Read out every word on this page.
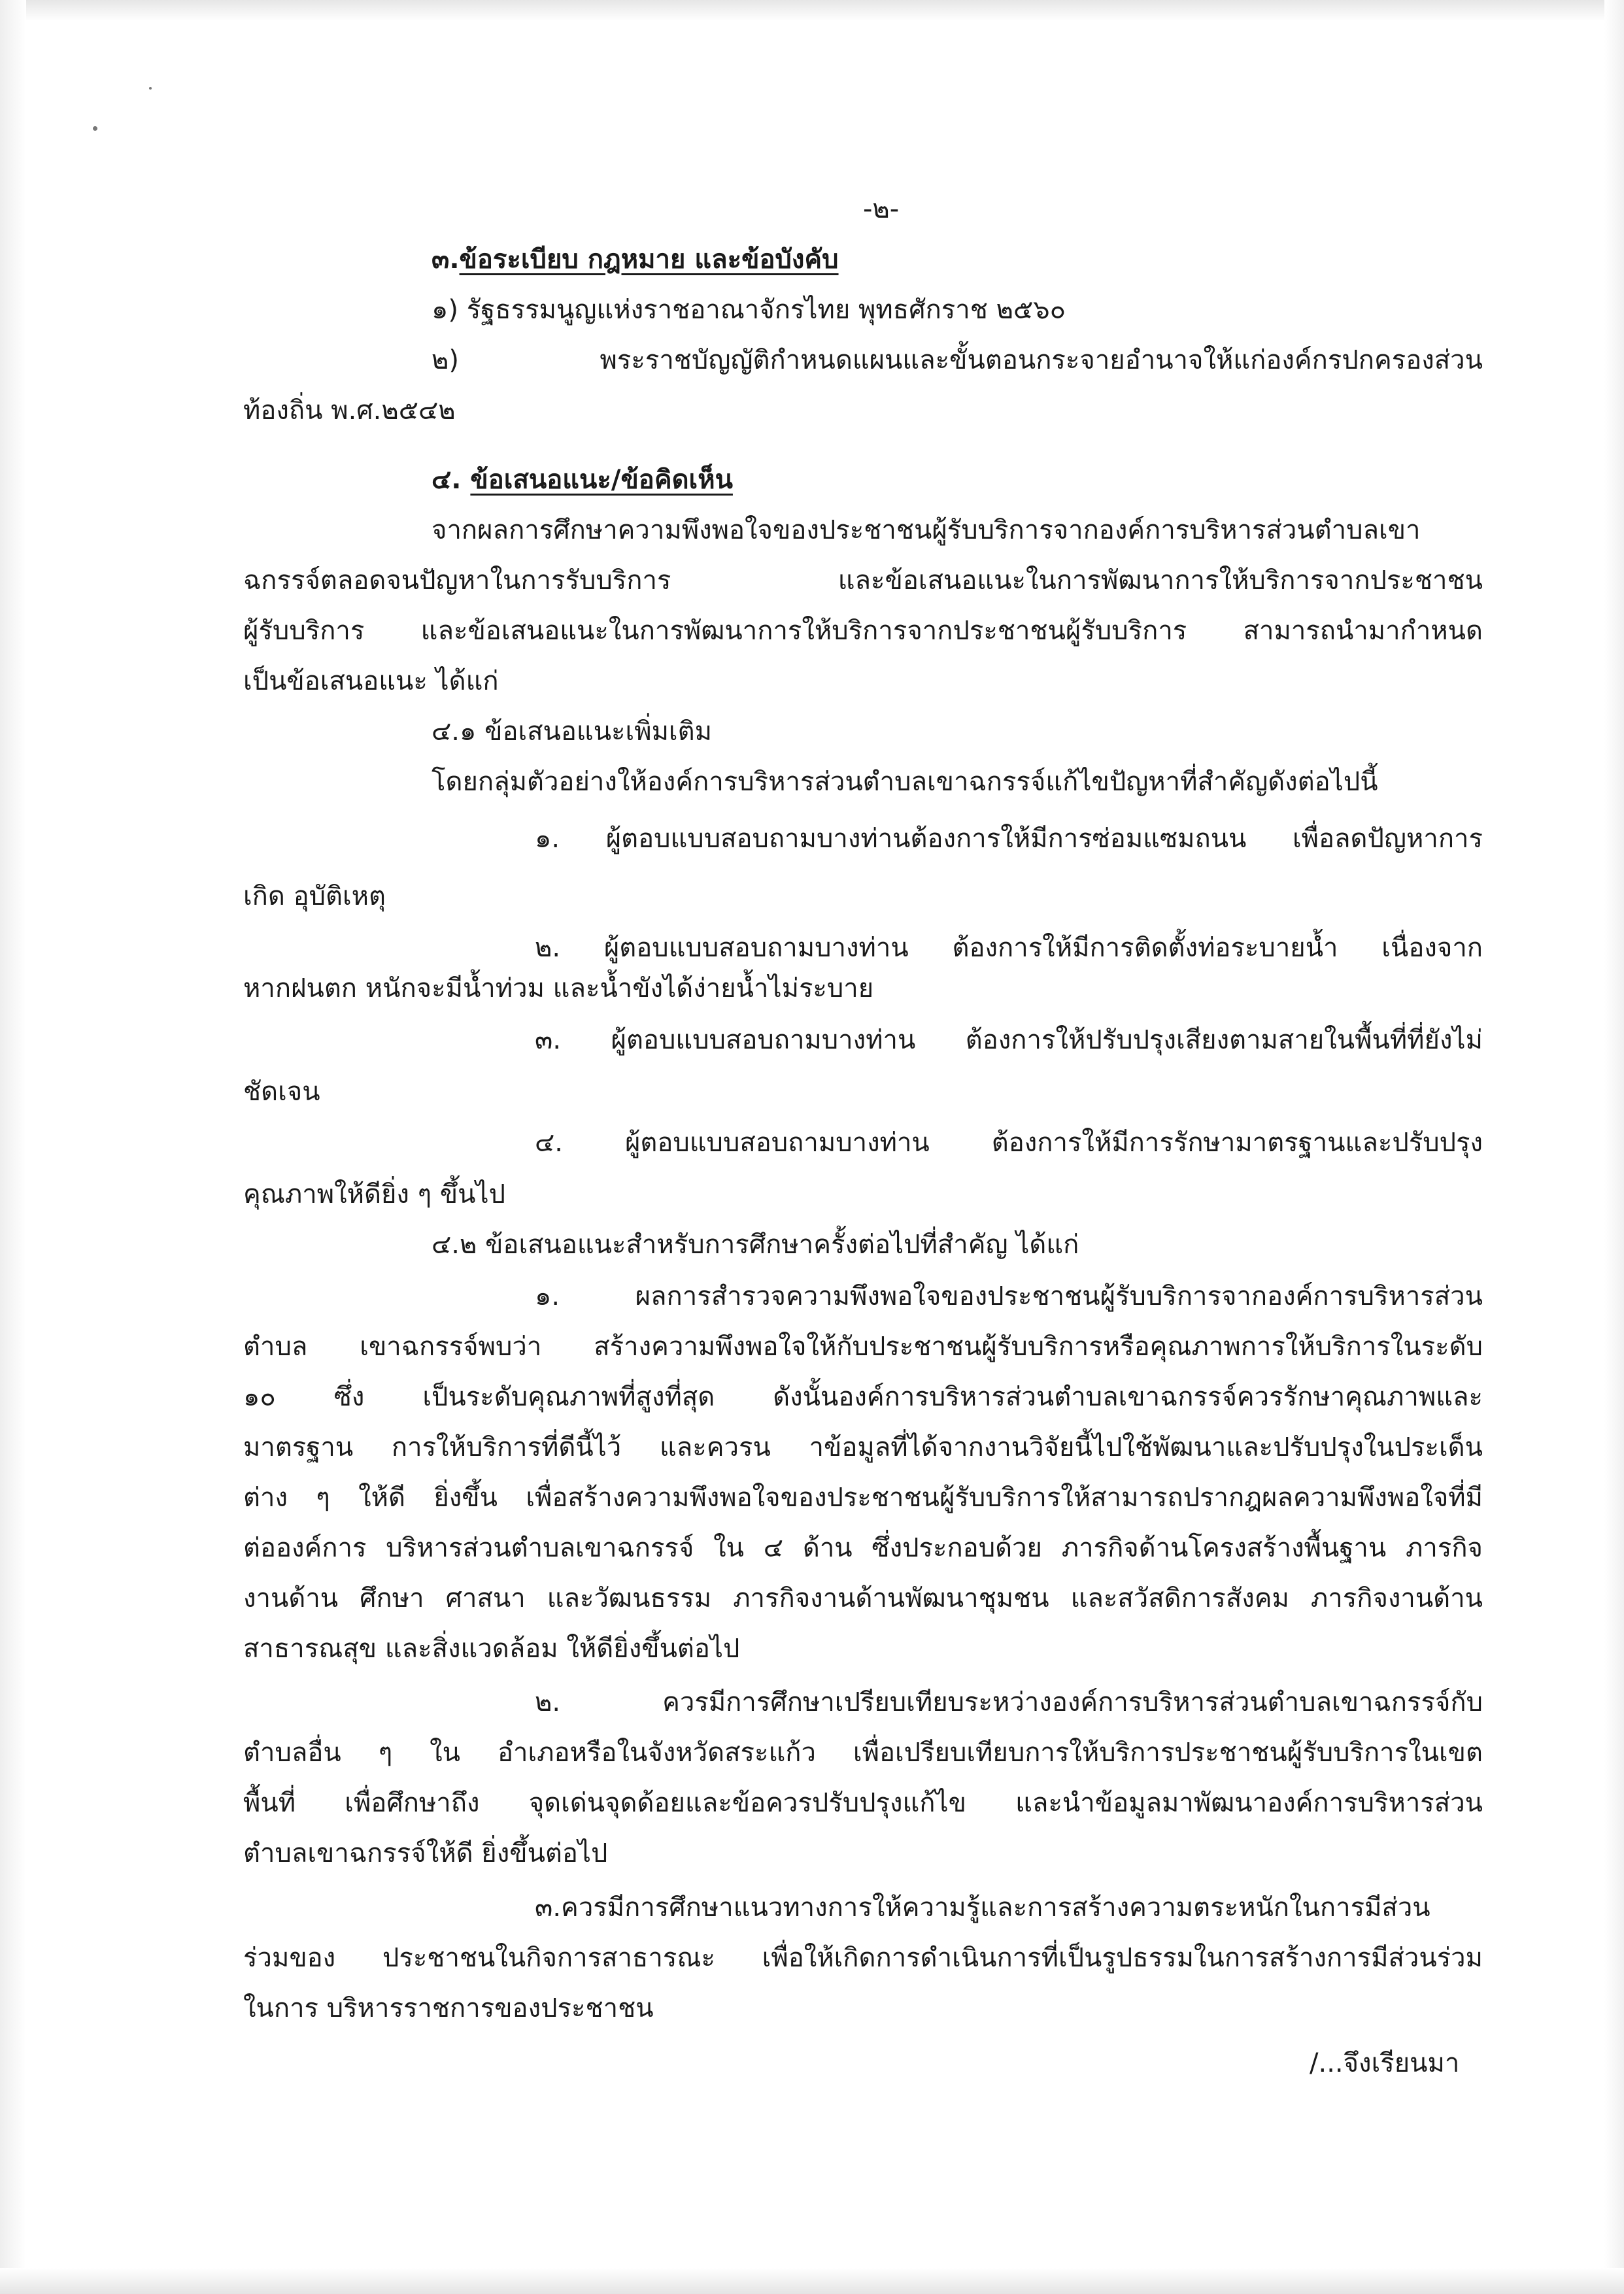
-๒-
๓.ข้อระเบียบ กฎหมาย และข้อบังคับ
๑) รัฐธรรมนูญแห่งราชอาณาจักรไทย พุทธศักราช ๒๕๖๐
๒) พระราชบัญญัติกำหนดแผนและขั้นตอนกระจายอำนาจให้แก่องค์กรปกครองส่วน
ท้องถิ่น พ.ศ.๒๕๔๒
๔. ข้อเสนอแนะ/ข้อคิดเห็น
จากผลการศึกษาความพึงพอใจของประชาชนผู้รับบริการจากองค์การบริหารส่วนตำบลเขา
ฉกรรจ์ตลอดจนปัญหาในการรับบริการ และข้อเสนอแนะในการพัฒนาการให้บริการจากประชาชน
ผู้รับบริการ และข้อเสนอแนะในการพัฒนาการให้บริการจากประชาชนผู้รับบริการ สามารถนำมากำหนด
เป็นข้อเสนอแนะ ได้แก่
๔.๑ ข้อเสนอแนะเพิ่มเติม
โดยกลุ่มตัวอย่างให้องค์การบริหารส่วนตำบลเขาฉกรรจ์แก้ไขปัญหาที่สำคัญดังต่อไปนี้
๑. ผู้ตอบแบบสอบถามบางท่านต้องการให้มีการซ่อมแซมถนน เพื่อลดปัญหาการ
เกิด อุบัติเหตุ
๒. ผู้ตอบแบบสอบถามบางท่าน ต้องการให้มีการติดตั้งท่อระบายน้ำ เนื่องจาก
หากฝนตก หนักจะมีน้ำท่วม และน้ำขังได้ง่ายน้ำไม่ระบาย
๓. ผู้ตอบแบบสอบถามบางท่าน ต้องการให้ปรับปรุงเสียงตามสายในพื้นที่ที่ยังไม่
ชัดเจน
๔. ผู้ตอบแบบสอบถามบางท่าน ต้องการให้มีการรักษามาตรฐานและปรับปรุง
คุณภาพให้ดียิ่ง ๆ ขึ้นไป
๔.๒ ข้อเสนอแนะสำหรับการศึกษาครั้งต่อไปที่สำคัญ ได้แก่
๑. ผลการสำรวจความพึงพอใจของประชาชนผู้รับบริการจากองค์การบริหารส่วน
ตำบล เขาฉกรรจ์พบว่า สร้างความพึงพอใจให้กับประชาชนผู้รับบริการหรือคุณภาพการให้บริการในระดับ
๑๐ ซึ่ง เป็นระดับคุณภาพที่สูงที่สุด ดังนั้นองค์การบริหารส่วนตำบลเขาฉกรรจ์ควรรักษาคุณภาพและ
มาตรฐาน การให้บริการที่ดีนี้ไว้ และควรน าข้อมูลที่ได้จากงานวิจัยนี้ไปใช้พัฒนาและปรับปรุงในประเด็น
ต่าง ๆ ให้ดี ยิ่งขึ้น เพื่อสร้างความพึงพอใจของประชาชนผู้รับบริการให้สามารถปรากฎผลความพึงพอใจที่มี
ต่อองค์การ บริหารส่วนตำบลเขาฉกรรจ์ ใน ๔ ด้าน ซึ่งประกอบด้วย ภารกิจด้านโครงสร้างพื้นฐาน ภารกิจ
งานด้าน ศึกษา ศาสนา และวัฒนธรรม ภารกิจงานด้านพัฒนาชุมชน และสวัสดิการสังคม ภารกิจงานด้าน
สาธารณสุข และสิ่งแวดล้อม ให้ดียิ่งขึ้นต่อไป
๒. ควรมีการศึกษาเปรียบเทียบระหว่างองค์การบริหารส่วนตำบลเขาฉกรรจ์กับ
ตำบลอื่น ๆ ใน อำเภอหรือในจังหวัดสระแก้ว เพื่อเปรียบเทียบการให้บริการประชาชนผู้รับบริการในเขต
พื้นที่ เพื่อศึกษาถึง จุดเด่นจุดด้อยและข้อควรปรับปรุงแก้ไข และนำข้อมูลมาพัฒนาองค์การบริหารส่วน
ตำบลเขาฉกรรจ์ให้ดี ยิ่งขึ้นต่อไป
๓.ควรมีการศึกษาแนวทางการให้ความรู้และการสร้างความตระหนักในการมีส่วน
ร่วมของ ประชาชนในกิจการสาธารณะ เพื่อให้เกิดการดำเนินการที่เป็นรูปธรรมในการสร้างการมีส่วนร่วม
ในการ บริหารราชการของประชาชน
/...จึงเรียนมา
